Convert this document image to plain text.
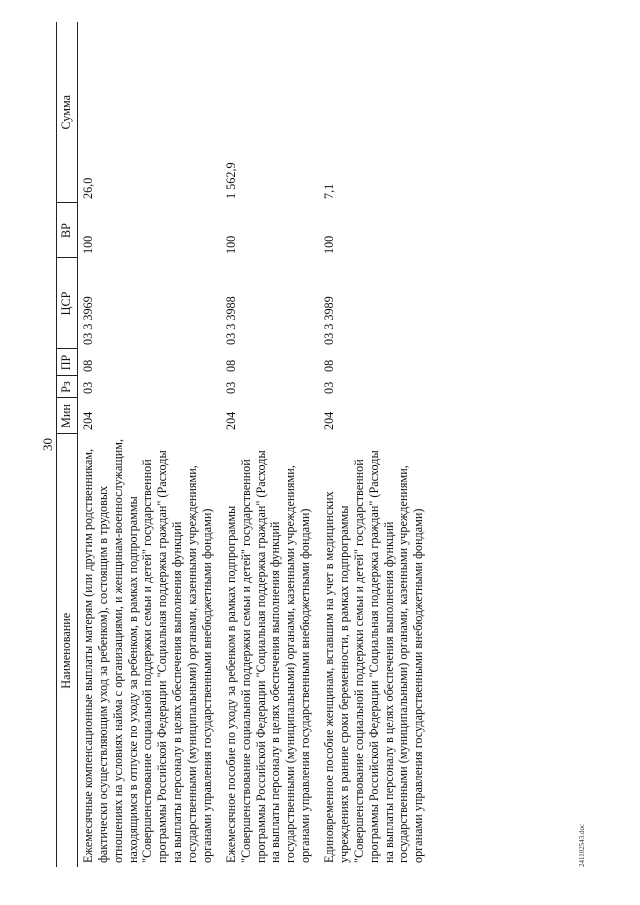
30
Наименование	Мин	Рз	ПР	ЦСР	ВР	Сумма
Ежемесячные компенсационные выплаты матерям (или другим родственникам, фактически осуществляющим уход за ребенком), состоящим в трудовых отношениях на условиях найма с организациями, и женщинам-военнослужащим, находящимся в отпуске по уходу за ребенком, в рамках подпрограммы "Совершенствование социальной поддержки семьи и детей" государственной программы Российской Федерации "Социальная поддержка граждан" (Расходы на выплаты персоналу в целях обеспечения выполнения функций государственными (муниципальными) органами, казенными учреждениями, органами управления государственными внебюджетными фондами)	204	03	08	03 3 3969	100	26,0
Ежемесячное пособие по уходу за ребенком в рамках подпрограммы "Совершенствование социальной поддержки семьи и детей" государственной программы Российской Федерации "Социальная поддержка граждан" (Расходы на выплаты персоналу в целях обеспечения выполнения функций государственными (муниципальными) органами, казенными учреждениями, органами управления государственными внебюджетными фондами)	204	03	08	03 3 3988	100	1 562,9
Единовременное пособие женщинам, вставшим на учет в медицинских учреждениях в ранние сроки беременности, в рамках подпрограммы "Совершенствование социальной поддержки семьи и детей" государственной программы Российской Федерации "Социальная поддержка граждан" (Расходы на выплаты персоналу в целях обеспечения выполнения функций государственными (муниципальными) органами, казенными учреждениями, органами управления государственными внебюджетными фондами)	204	03	08	03 3 3989	100	7,1
241102543.doc
